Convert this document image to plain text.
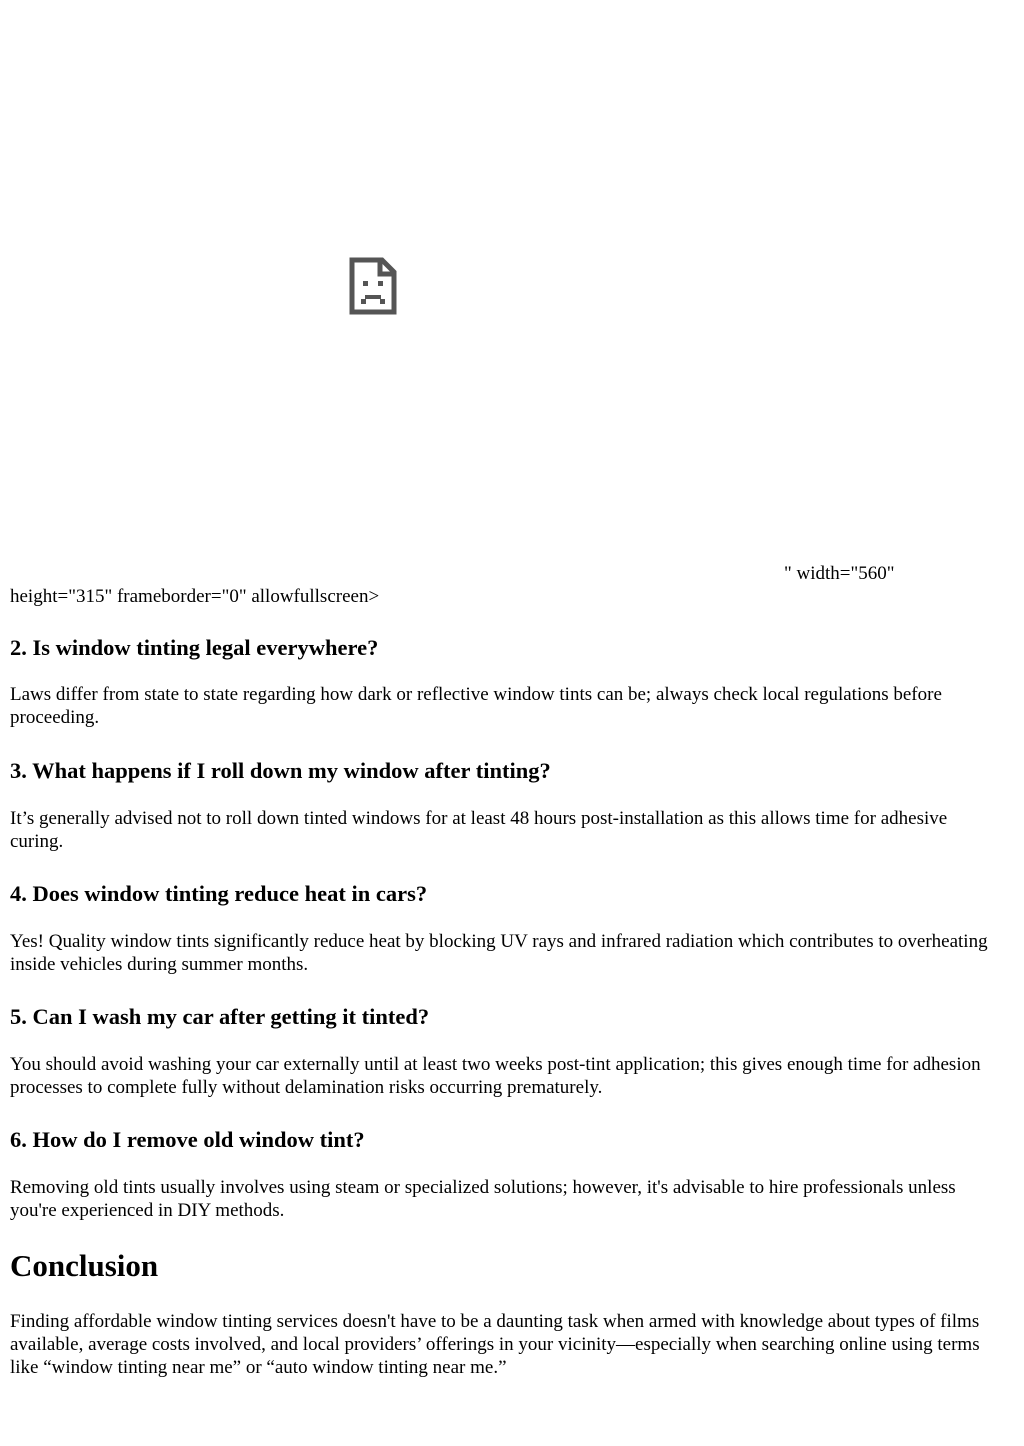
" width="560"
height="315" frameborder="0" allowfullscreen>
2. Is window tinting legal everywhere?

Laws differ from state to state regarding how dark or reflective window tints can be; always check local regulations before proceeding.

3. What happens if I roll down my window after tinting?

It’s generally advised not to roll down tinted windows for at least 48 hours post-installation as this allows time for adhesive curing.

4. Does window tinting reduce heat in cars?

Yes! Quality window tints significantly reduce heat by blocking UV rays and infrared radiation which contributes to overheating inside vehicles during summer months.

5. Can I wash my car after getting it tinted?

You should avoid washing your car externally until at least two weeks post-tint application; this gives enough time for adhesion processes to complete fully without delamination risks occurring prematurely.

6. How do I remove old window tint?

Removing old tints usually involves using steam or specialized solutions; however, it's advisable to hire professionals unless you're experienced in DIY methods.

Conclusion

Finding affordable window tinting services doesn't have to be a daunting task when armed with knowledge about types of films available, average costs involved, and local providers’ offerings in your vicinity—especially when searching online using terms like “window tinting near me” or “auto window tinting near me.”
